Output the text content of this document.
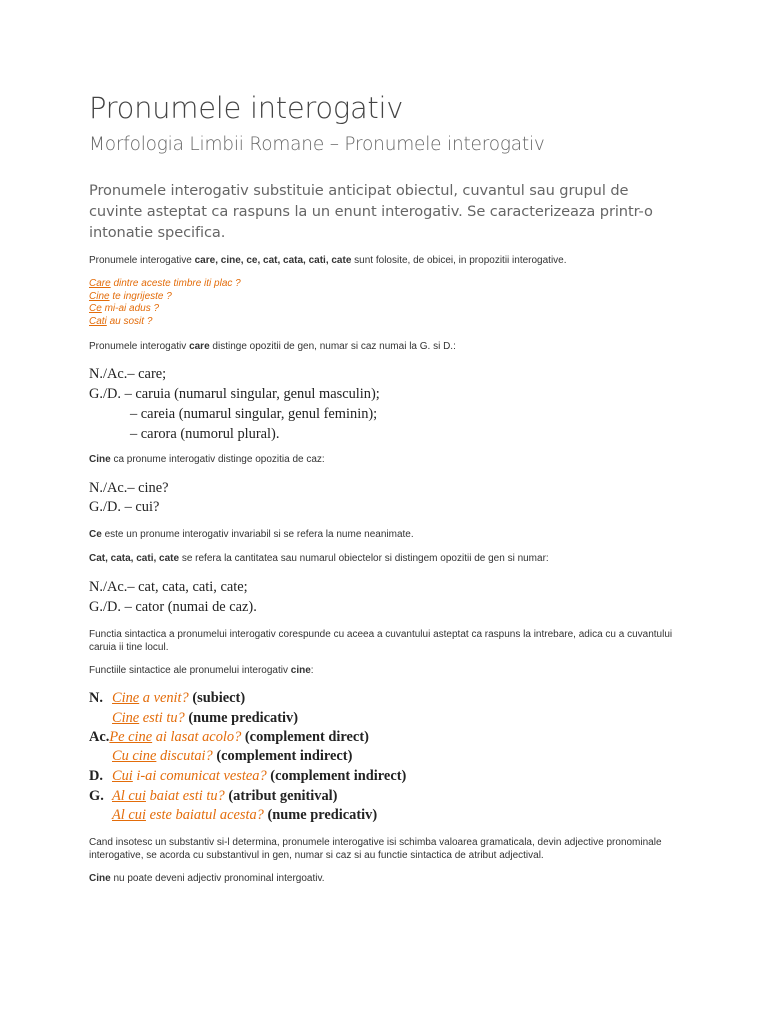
Pronumele interogativ
Morfologia Limbii Romane – Pronumele interogativ
Pronumele interogativ substituie anticipat obiectul, cuvantul sau grupul de cuvinte asteptat ca raspuns la un enunt interogativ. Se caracterizeaza printr-o intonatie specifica.
Pronumele interogative care, cine, ce, cat, cata, cati, cate sunt folosite, de obicei, in propozitii interogative.
Care dintre aceste timbre iti plac ?
Cine te ingrijeste ?
Ce mi-ai adus ?
Cati au sosit ?
Pronumele interogativ care distinge opozitii de gen, numar si caz numai la G. si D.:
N./Ac.– care;
G./D. – caruia (numarul singular, genul masculin);
– careia (numarul singular, genul feminin);
– carora (numorul plural).
Cine ca pronume interogativ distinge opozitia de caz:
N./Ac.– cine?
G./D. – cui?
Ce este un pronume interogativ invariabil si se refera la nume neanimate.
Cat, cata, cati, cate se refera la cantitatea sau numarul obiectelor si distingem opozitii de gen si numar:
N./Ac.– cat, cata, cati, cate;
G./D. – cator (numai de caz).
Functia sintactica a pronumelui interogativ corespunde cu aceea a cuvantului asteptat ca raspuns la intrebare, adica cu a cuvantului caruia ii tine locul.
Functiile sintactice ale pronumelui interogativ cine:
N. Cine a venit? (subiect)
Cine esti tu? (nume predicativ)
Ac.Pe cine ai lasat acolo? (complement direct)
Cu cine discutai? (complement indirect)
D. Cui i-ai comunicat vestea? (complement indirect)
G. Al cui baiat esti tu? (atribut genitival)
Al cui este baiatul acesta? (nume predicativ)
Cand insotesc un substantiv si-l determina, pronumele interogative isi schimba valoarea gramaticala, devin adjective pronominale interogative, se acorda cu substantivul in gen, numar si caz si au functie sintactica de atribut adjectival.
Cine nu poate deveni adjectiv pronominal intergoativ.
